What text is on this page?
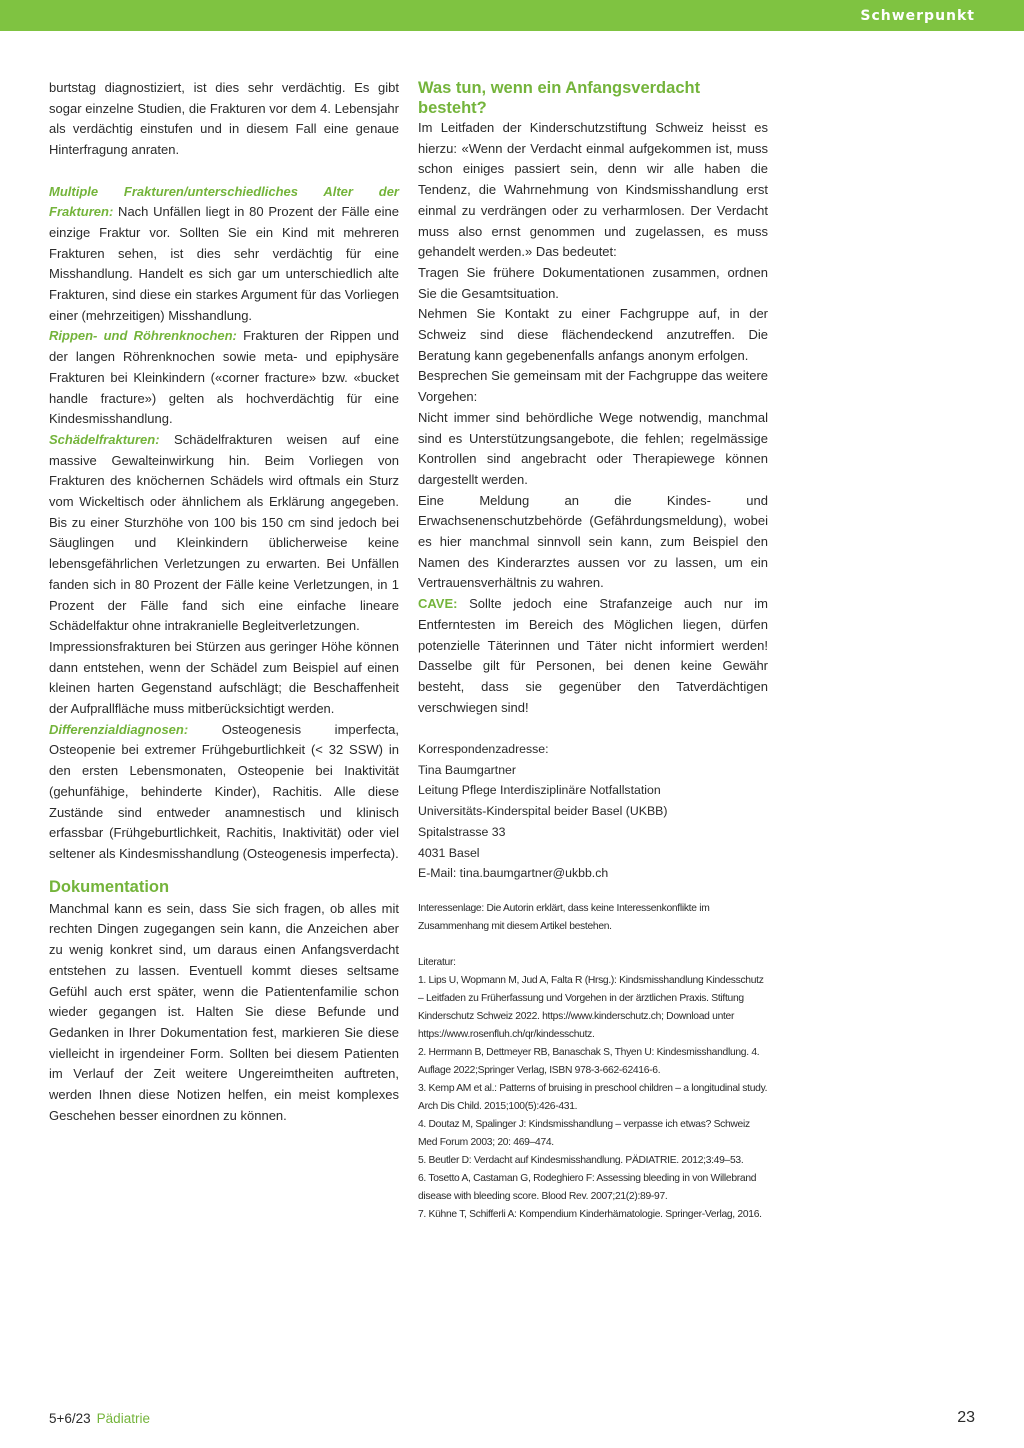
Schwerpunkt

burtstag diagnostiziert, ist dies sehr verdächtig. Es gibt sogar einzelne Studien, die Frakturen vor dem 4. Lebensjahr als verdächtig einstufen und in diesem Fall eine genaue Hinterfragung anraten.

Multiple Frakturen/unterschiedliches Alter der Frakturen: Nach Unfällen liegt in 80 Prozent der Fälle eine einzige Fraktur vor. Sollten Sie ein Kind mit mehreren Frakturen sehen, ist dies sehr verdächtig für eine Misshandlung. Handelt es sich gar um unterschiedlich alte Frakturen, sind diese ein starkes Argument für das Vorliegen einer (mehrzeitigen) Misshandlung.

Rippen- und Röhrenknochen: Frakturen der Rippen und der langen Röhrenknochen sowie meta- und epiphysäre Frakturen bei Kleinkindern («corner fracture» bzw. «bucket handle fracture») gelten als hochverdächtig für eine Kindesmisshandlung.

Schädelfrakturen: Schädelfrakturen weisen auf eine massive Gewalteinwirkung hin. Beim Vorliegen von Frakturen des knöchernen Schädels wird oftmals ein Sturz vom Wickeltisch oder ähnlichem als Erklärung angegeben. Bis zu einer Sturzhöhe von 100 bis 150 cm sind jedoch bei Säuglingen und Kleinkindern üblicherweise keine lebensgefährlichen Verletzungen zu erwarten. Bei Unfällen fanden sich in 80 Prozent der Fälle keine Verletzungen, in 1 Prozent der Fälle fand sich eine einfache lineare Schädelfaktur ohne intrakranielle Begleitverletzungen.

Impressionsfrakturen bei Stürzen aus geringer Höhe können dann entstehen, wenn der Schädel zum Beispiel auf einen kleinen harten Gegenstand aufschlägt; die Beschaffenheit der Aufprallfläche muss mitberücksichtigt werden.

Differenzialdiagnosen: Osteogenesis imperfecta, Osteopenie bei extremer Frühgeburtlichkeit (< 32 SSW) in den ersten Lebensmonaten, Osteopenie bei Inaktivität (gehunfähige, behinderte Kinder), Rachitis. Alle diese Zustände sind entweder anamnestisch und klinisch erfassbar (Frühgeburtlichkeit, Rachitis, Inaktivität) oder viel seltener als Kindesmisshandlung (Osteogenesis imperfecta).

Dokumentation

Manchmal kann es sein, dass Sie sich fragen, ob alles mit rechten Dingen zugegangen sein kann, die Anzeichen aber zu wenig konkret sind, um daraus einen Anfangsverdacht entstehen zu lassen. Eventuell kommt dieses seltsame Gefühl auch erst später, wenn die Patientenfamilie schon wieder gegangen ist. Halten Sie diese Befunde und Gedanken in Ihrer Dokumentation fest, markieren Sie diese vielleicht in irgendeiner Form. Sollten bei diesem Patienten im Verlauf der Zeit weitere Ungereimtheiten auftreten, werden Ihnen diese Notizen helfen, ein meist komplexes Geschehen besser einordnen zu können.

Was tun, wenn ein Anfangsverdacht besteht?

Im Leitfaden der Kinderschutzstiftung Schweiz heisst es hierzu: «Wenn der Verdacht einmal aufgekommen ist, muss schon einiges passiert sein, denn wir alle haben die Tendenz, die Wahrnehmung von Kindsmisshandlung erst einmal zu verdrängen oder zu verharmlosen. Der Verdacht muss also ernst genommen und zugelassen, es muss gehandelt werden.» Das bedeutet:

Tragen Sie frühere Dokumentationen zusammen, ordnen Sie die Gesamtsituation.

Nehmen Sie Kontakt zu einer Fachgruppe auf, in der Schweiz sind diese flächendeckend anzutreffen. Die Beratung kann gegebenenfalls anfangs anonym erfolgen.

Besprechen Sie gemeinsam mit der Fachgruppe das weitere Vorgehen:

Nicht immer sind behördliche Wege notwendig, manchmal sind es Unterstützungsangebote, die fehlen; regelmässige Kontrollen sind angebracht oder Therapiewege können dargestellt werden.

Eine Meldung an die Kindes- und Erwachsenenschutzbehörde (Gefährdungsmeldung), wobei es hier manchmal sinnvoll sein kann, zum Beispiel den Namen des Kinderarztes aussen vor zu lassen, um ein Vertrauensverhältnis zu wahren.

CAVE: Sollte jedoch eine Strafanzeige auch nur im Entferntesten im Bereich des Möglichen liegen, dürfen potenzielle Täterinnen und Täter nicht informiert werden! Dasselbe gilt für Personen, bei denen keine Gewähr besteht, dass sie gegenüber den Tatverdächtigen verschwiegen sind!

Korrespondenzadresse:
Tina Baumgartner
Leitung Pflege Interdisziplinäre Notfallstation
Universitäts-Kinderspital beider Basel (UKBB)
Spitalstrasse 33
4031 Basel
E-Mail: tina.baumgartner@ukbb.ch
Interessenlage: Die Autorin erklärt, dass keine Interessenkonflikte im Zusammenhang mit diesem Artikel bestehen.
Literatur:
1. Lips U, Wopmann M, Jud A, Falta R (Hrsg.): Kindsmisshandlung Kindesschutz – Leitfaden zu Früherfassung und Vorgehen in der ärztlichen Praxis. Stiftung Kinderschutz Schweiz 2022. https://www.kinderschutz.ch; Download unter https://www.rosenfluh.ch/qr/kindesschutz.
2. Herrmann B, Dettmeyer RB, Banaschak S, Thyen U: Kindesmisshandlung. 4. Auflage 2022;Springer Verlag, ISBN 978-3-662-62416-6.
3. Kemp AM et al.: Patterns of bruising in preschool children – a longitudinal study. Arch Dis Child. 2015;100(5):426-431.
4. Doutaz M, Spalinger J: Kindsmisshandlung – verpasse ich etwas? Schweiz Med Forum 2003; 20: 469–474.
5. Beutler D: Verdacht auf Kindesmisshandlung. PÄDIATRIE. 2012;3:49–53.
6. Tosetto A, Castaman G, Rodeghiero F: Assessing bleeding in von Willebrand disease with bleeding score. Blood Rev. 2007;21(2):89-97.
7. Kühne T, Schifferli A: Kompendium Kinderhämatologie. Springer-Verlag, 2016.
5+6/23 Pädiatrie	23
